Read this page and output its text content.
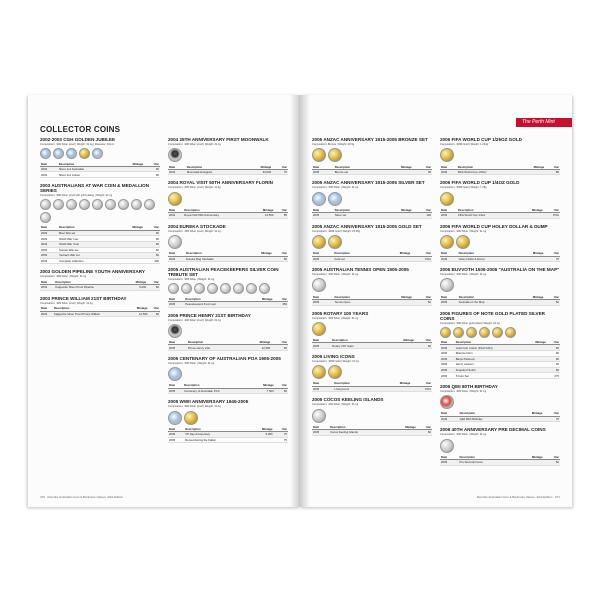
COLLECTOR COINS
2002-2003 CGH GOLDEN JUBILEE
Composition: .999 Silver proof | Weight: 31.1g | Diameter: 40mm
Date	Description	Mintage	Unc
2002	Silver 1oz Australian		60
2002	Silver 1oz Colour		60
2003 AUSTRALIANS AT WAR COIN & MEDALLION SERIES
Composition: .999 Silver proof with gold plating | Weight: 31.1g
Date	Description	Mintage	Unc
2003	Boer War set		60
2003	World War I set		60
2003	World War II set		60
2003	Korean War set		60
2003	Vietnam War set		60
2003	Complete collection		300
2003 GOLDEN PIPELINE YOUTH ANNIVERSARY
Composition: .999 Silver | Weight: 31.1g
Date	Description	Mintage	Unc
2003	Kalgoorlie Silver Proof Pipeline	5,000	60
2003 PRINCE WILLIAM 21ST BIRTHDAY
Composition: .999 Silver proof | Weight: 31.1g
Date	Description	Mintage	Unc
2003	Kalgoorlie Silver Proof Prince William	12,500	60
2004 25TH ANNIVERSARY FIRST MOONWALK
Composition: .999 Silver proof | Weight: 31.1g
Date	Description	Mintage	Unc
2004	Moonwalk Hologram	40,000	75
2004 ROYAL VISIT 50TH ANNIVERSARY FLORIN
Composition: .925 Silver proof | Weight: 11.3g
Date	Description	Mintage	Unc
2004	Royal Visit 50th Anniversary	12,500	85
2004 EUREKA STOCKADE
Composition: .999 Silver proof | Weight: 31.1g
Date	Description	Mintage	Unc
2004	Eureka Flag Stockade		50
2005 AUSTRALIAN PEACEKEEPERS SILVER COIN TRIBUTE SET
Composition: .999 Silver | Weight: 31.1g
Date	Description	Mintage	Unc
2005	Peacekeepers 8 coin set		350
2005 PRINCE HENRY 21ST BIRTHDAY
Composition: .999 Silver proof | Weight: 31.1g
Date	Description	Mintage	Unc
2005	Prince Henry 21st	12,500	65
2005 CENTENARY OF AUSTRALIAN POA 1905-2005
Composition: .999 Silver | Weight: 31.1g
Date	Description	Mintage	Unc
2005	Centenary of Australian PCA	7,500	60
2005 WWII ANNIVERSARY 1945-2005
Composition: .999 Silver proof | Weight: 31.1g
Date	Description	Mintage	Unc
2005	VP Day Anniversary	5,000	75
2005	Remembering the Fallen		75
270 Renniks Australian Coin & Banknote Values, 33rd Edition
The Perth Mint
2005 ANZAC ANNIVERSARY 1915-2005 BRONZE SET
Composition: Bronze | Weight: 28.3g
Date	Description	Mintage	Unc
2005	Bronze set		35
2005 ANZAC ANNIVERSARY 1915-2005 SILVER SET
Composition: .999 Silver | Weight: 31.1g
Date	Description	Mintage	Unc
2005	Silver set		120
2005 ANZAC ANNIVERSARY 1915-2005 GOLD SET
Composition: .9999 Gold | Weight: 15.55g
Date	Description	Mintage	Unc
2005	Gold set		POA
2005 AUSTRALIAN TENNIS OPEN 1905-2005
Composition: .999 Silver | Weight: 31.1g
Date	Description	Mintage	Unc
2005	Tennis Open		60
2005 ROTARY 100 YEARS
Composition: .999 Silver | Weight: 31.1g
Date	Description	Mintage	Unc
2005	Rotary 100 Years		60
2005 LIVING ICONS
Composition: .9999 Gold | Weight: 31.1g
Date	Description	Mintage	Unc
2005	Living Icons		POA
2005 COCOS KEELING ISLANDS
Composition: .999 Silver | Weight: 31.1g
Date	Description	Mintage	Unc
2005	Cocos Keeling Islands		60
2006 FIFA WORLD CUP 1/25OZ GOLD
Composition: .9999 Gold | Weight: 1.244g
Date	Description	Mintage	Unc
2006	FIFA World Cup 1/25oz		85
2006 FIFA WORLD CUP 1/4OZ GOLD
Composition: .9999 Gold | Weight: 7.78g
Date	Description	Mintage	Unc
2006	FIFA World Cup 1/4oz		POA
2006 FIFA WORLD CUP HOLEY DOLLAR & DUMP
Composition: .999 Silver | Weight: 31.1g
Date	Description	Mintage	Unc
2006	Holey Dollar & Dump		75
2006 BUVVOTH 1506-2006 "AUSTRALIA ON THE MAP"
Composition: .999 Silver | Weight: 31.1g
Date	Description	Mintage	Unc
2006	Australia on the Map		60
2006 FIGURES OF NOTE GOLD PLATED SILVER COINS
Composition: .999 Silver gold plated | Weight: 31.1g
Date	Description	Mintage	Unc
2006	Gold Coin Cotton (Perth Mint)		60
2006	Maurice Flinn		60
2006	Banjo Paterson		60
2006	Henry Lawson		60
2006	Kingsford Smith		60
2006	5 Coin Set		275
2006 QEII 80TH BIRTHDAY
Composition: .999 Silver | Weight: 31.1g
Date	Description	Mintage	Unc
2006	QEII 80th Birthday		75
2006 40TH ANNIVERSARY PRE DECIMAL COINS
Composition: .999 Silver | Weight: 31.1g
Date	Description	Mintage	Unc
2006	Pre Decimal Coins		60
Renniks Australian Coin & Banknote Values, 33rd Edition 271
